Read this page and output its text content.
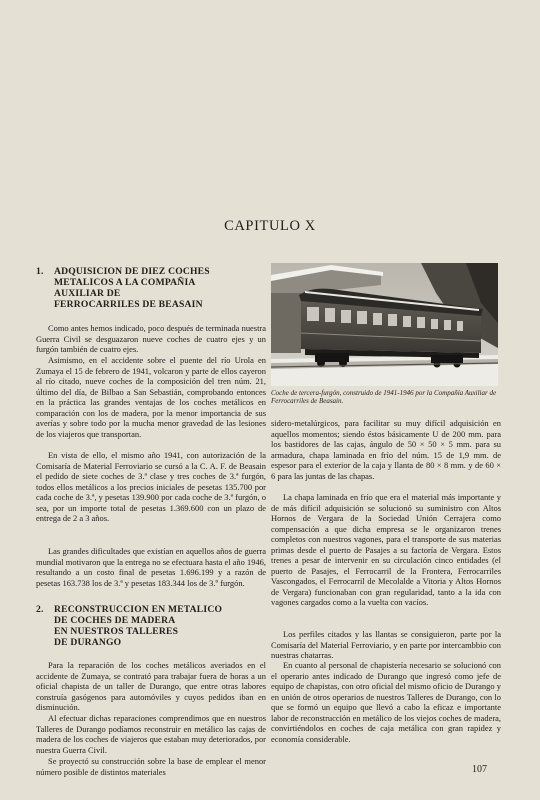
CAPITULO X
1. ADQUISICION DE DIEZ COCHES
METALICOS A LA COMPAÑIA
AUXILIAR DE
FERROCARRILES DE BEASAIN

Como antes hemos indicado, poco después de terminada nuestra Guerra Civil se desguazaron nueve coches de cuatro ejes y un furgón también de cuatro ejes.

Asimismo, en el accidente sobre el puente del río Urola en Zumaya el 15 de febrero de 1941, volcaron y parte de ellos cayeron al río citado, nueve coches de la composición del tren núm. 21, último del día, de Bilbao a San Sebastián, comprobando entonces en la práctica las grandes ventajas de los coches metálicos en comparación con los de madera, por la menor importancia de sus averías y sobre todo por la mucha menor gravedad de las lesiones de los viajeros que transportan.

En vista de ello, el mismo año 1941, con autorización de la Comisaría de Material Ferroviario se cursó a la C. A. F. de Beasain el pedido de siete coches de 3.ª clase y tres coches de 3.ª furgón, todos ellos metálicos a los precios iniciales de pesetas 135.700 por cada coche de 3.ª, y pesetas 139.900 por cada coche de 3.ª furgón, o sea, por un importe total de pesetas 1.369.600 con un plazo de entrega de 2 a 3 años.

Las grandes dificultades que existían en aquellos años de guerra mundial motivaron que la entrega no se efectuara hasta el año 1946, resultando a un costo final de pesetas 1.696.199 y a razón de pesetas 163.738 los de 3.ª y pesetas 183.344 los de 3.º furgón.

2. RECONSTRUCCION EN METALICO
DE COCHES DE MADERA
EN NUESTROS TALLERES
DE DURANGO

Para la reparación de los coches metálicos averiados en el accidente de Zumaya, se contrató para trabajar fuera de horas a un oficial chapista de un taller de Durango, que entre otras labores construía gasógenos para automóviles y cuyos pedidos iban en disminución.

Al efectuar dichas reparaciones comprendimos que en nuestros Talleres de Durango podíamos reconstruir en metálico las cajas de madera de los coches de viajeros que estaban muy deteriorados, por nuestra Guerra Civil.

Se proyectó su construcción sobre la base de emplear el menor número posible de distintos materiales

Coche de tercera-furgón, construido de 1941-1946 por la Compañía Auxiliar de Ferrocarriles de Beasain.

sidero-metalúrgicos, para facilitar su muy difícil adquisición en aquellos momentos; siendo éstos básicamente U de 200 mm. para los bastidores de las cajas, ángulo de 50 × 50 × 5 mm. para su armadura, chapa laminada en frío del núm. 15 de 1,9 mm. de espesor para el exterior de la caja y llanta de 80 × 8 mm. y de 60 × 6 para las juntas de las chapas.

La chapa laminada en frío que era el material más importante y de más difícil adquisición se solucionó su suministro con Altos Hornos de Vergara de la Sociedad Unión Cerrajera como compensación a que dicha empresa se le organizaron trenes completos con nuestros vagones, para el transporte de sus materias primas desde el puerto de Pasajes a su factoría de Vergara. Estos trenes a pesar de intervenir en su circulación cinco entidades (el puerto de Pasajes, el Ferrocarril de la Frontera, Ferrocarriles Vascongados, el Ferrocarril de Mecolalde a Vitoria y Altos Hornos de Vergara) funcionaban con gran regularidad, tanto a la ida con vagones cargados como a la vuelta con vacíos.

Los perfiles citados y las llantas se consiguieron, parte por la Comisaría del Material Ferroviario, y en parte por intercambbio con nuestras chatarras.

En cuanto al personal de chapistería necesario se solucionó con el operario antes indicado de Durango que ingresó como jefe de equipo de chapistas, con otro oficial del mismo oficio de Durango y en unión de otros operarios de nuestros Talleres de Durango, con lo que se formó un equipo que llevó a cabo la eficaz e importante labor de reconstrucción en metálico de los viejos coches de madera, convirtiéndolos en coches de caja metálica con gran rapidez y economía considerable.

107
